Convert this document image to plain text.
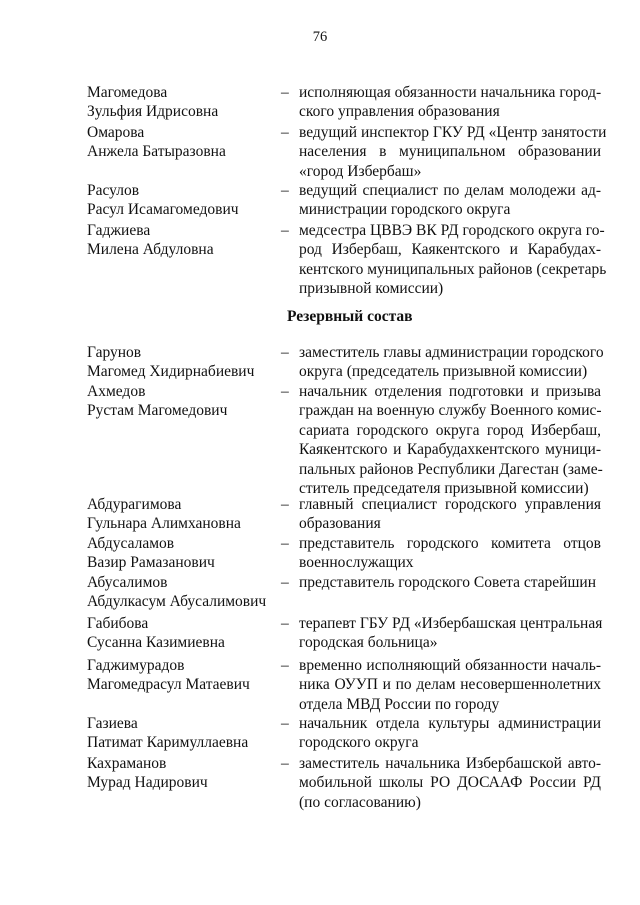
76
Магомедова
Зульфия Идрисовна
– исполняющая обязанности начальника город-
ского управления образования
Омарова
Анжела Батыразовна
– ведущий инспектор ГКУ РД «Центр занятости
населения в муниципальном образовании
«город Избербаш»
Расулов
Расул Исамагомедович
– ведущий специалист по делам молодежи ад-
министрации городского округа
Гаджиева
Милена Абдуловна
– медсестра ЦВВЭ ВК РД городского округа го-
род Избербаш, Каякентского и Карабудах-
кентского муниципальных районов (секретарь
призывной комиссии)
Резервный состав
Гарунов
Магомед Хидирнабиевич
– заместитель главы администрации городского
округа (председатель призывной комиссии)
Ахмедов
Рустам Магомедович
– начальник отделения подготовки и призыва
граждан на военную службу Военного комис-
сариата городского округа город Избербаш,
Каякентского и Карабудахкентского муници-
пальных районов Республики Дагестан (заме-
ститель председателя призывной комиссии)
Абдурагимова
Гульнара Алимхановна
– главный специалист городского управления
образования
Абдусаламов
Вазир Рамазанович
– представитель городского комитета отцов
военнослужащих
Абусалимов
Абдулкасум Абусалимович
– представитель городского Совета старейшин
Габибова
Сусанна Казимиевна
– терапевт ГБУ РД «Избербашская центральная
городская больница»
Гаджимурадов
Магомедрасул Матаевич
– временно исполняющий обязанности началь-
ника ОУУП и по делам несовершеннолетних
отдела МВД России по городу
Газиева
Патимат Каримуллаевна
– начальник отдела культуры администрации
городского округа
Кахраманов
Мурад Надирович
– заместитель начальника Избербашской авто-
мобильной школы РО ДОСААФ России РД
(по согласованию)
